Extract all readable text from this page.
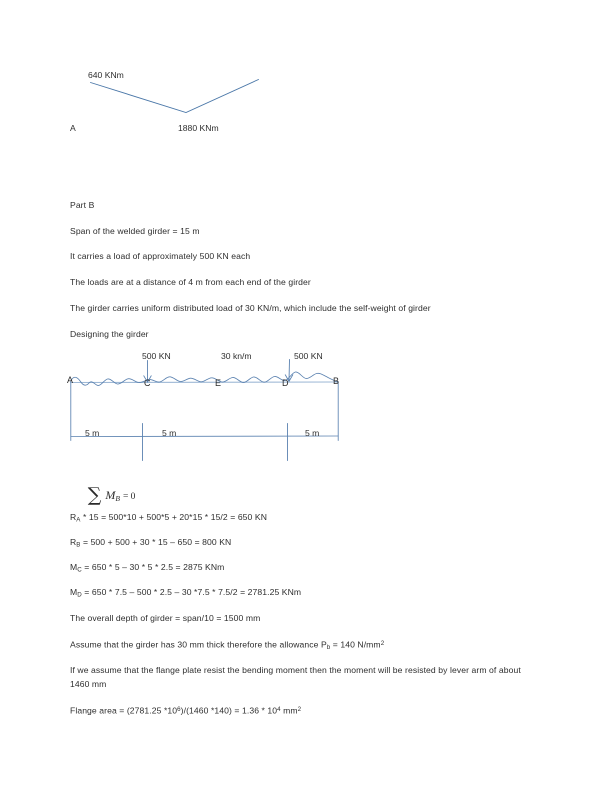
640 KNm
A	1880 KNm
Part B
Span of the welded girder = 15 m
It carries a load of approximately 500 KN each
The loads are at a distance of 4 m from each end of the girder
The girder carries uniform distributed load of 30 KN/m, which include the self-weight of girder
Designing the girder
500 KN	30 kn/m	500 KN
A	C	E	D	B
5 m	5 m	5 m

∑ MB = 0

$R_A * 15 = 500*10 + 500*5 + 20*15 * 15/2 = 650$ KN
$R_B = 500 + 500 + 30 * 15 - 650 = 800$ KN
$M_C = 650 * 5 - 30 * 5 * 2.5 = 2875$ KNm
$M_D = 650 * 7.5 - 500 * 2.5 - 30$ *7.5 * 7.5/2 = 2781.25 KNm
The overall depth of girder = span/10 = 1500 mm
Assume that the girder has 30 mm thick therefore the allowance $P_b = 140$ $N/mm^2$
If we assume that the flange plate resist the bending moment then the moment will be resisted by lever arm of about 1460 mm
Flange area = (2781.25 $*10^6)/(1460$ $*140) = 1.36 * 10^4$ $mm^2$
